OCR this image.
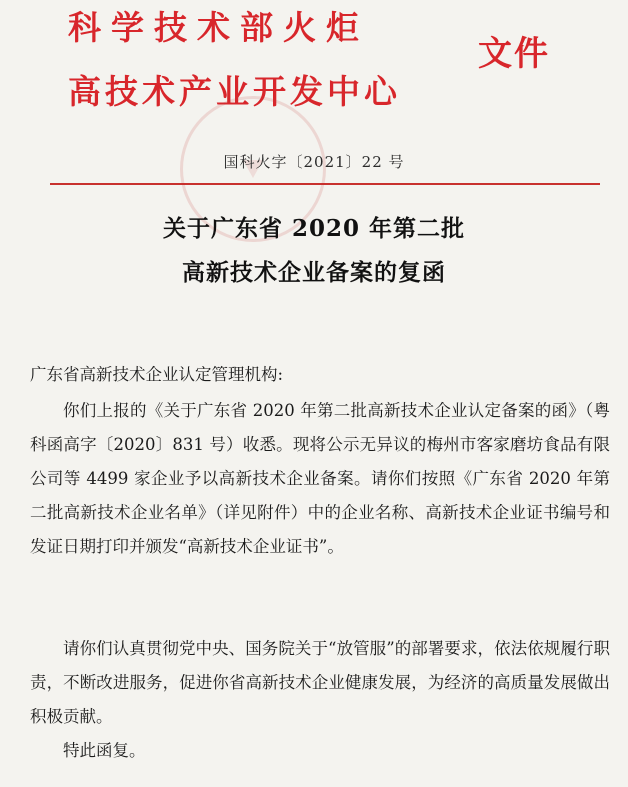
科学技术部火炬
高技术产业开发中心
文件
国科火字〔2021〕22 号
关于广东省 2020 年第二批
高新技术企业备案的复函

广东省高新技术企业认定管理机构:

你们上报的《关于广东省 2020 年第二批高新技术企业认定备案的函》（粤科函高字〔2020〕831 号）收悉。现将公示无异议的梅州市客家磨坊食品有限公司等 4499 家企业予以高新技术企业备案。请你们按照《广东省 2020 年第二批高新技术企业名单》（详见附件）中的企业名称、高新技术企业证书编号和发证日期打印并颁发“高新技术企业证书”。

请你们认真贯彻党中央、国务院关于“放管服”的部署要求，依法依规履行职责，不断改进服务，促进你省高新技术企业健康发展，为经济的高质量发展做出积极贡献。

特此函复。
